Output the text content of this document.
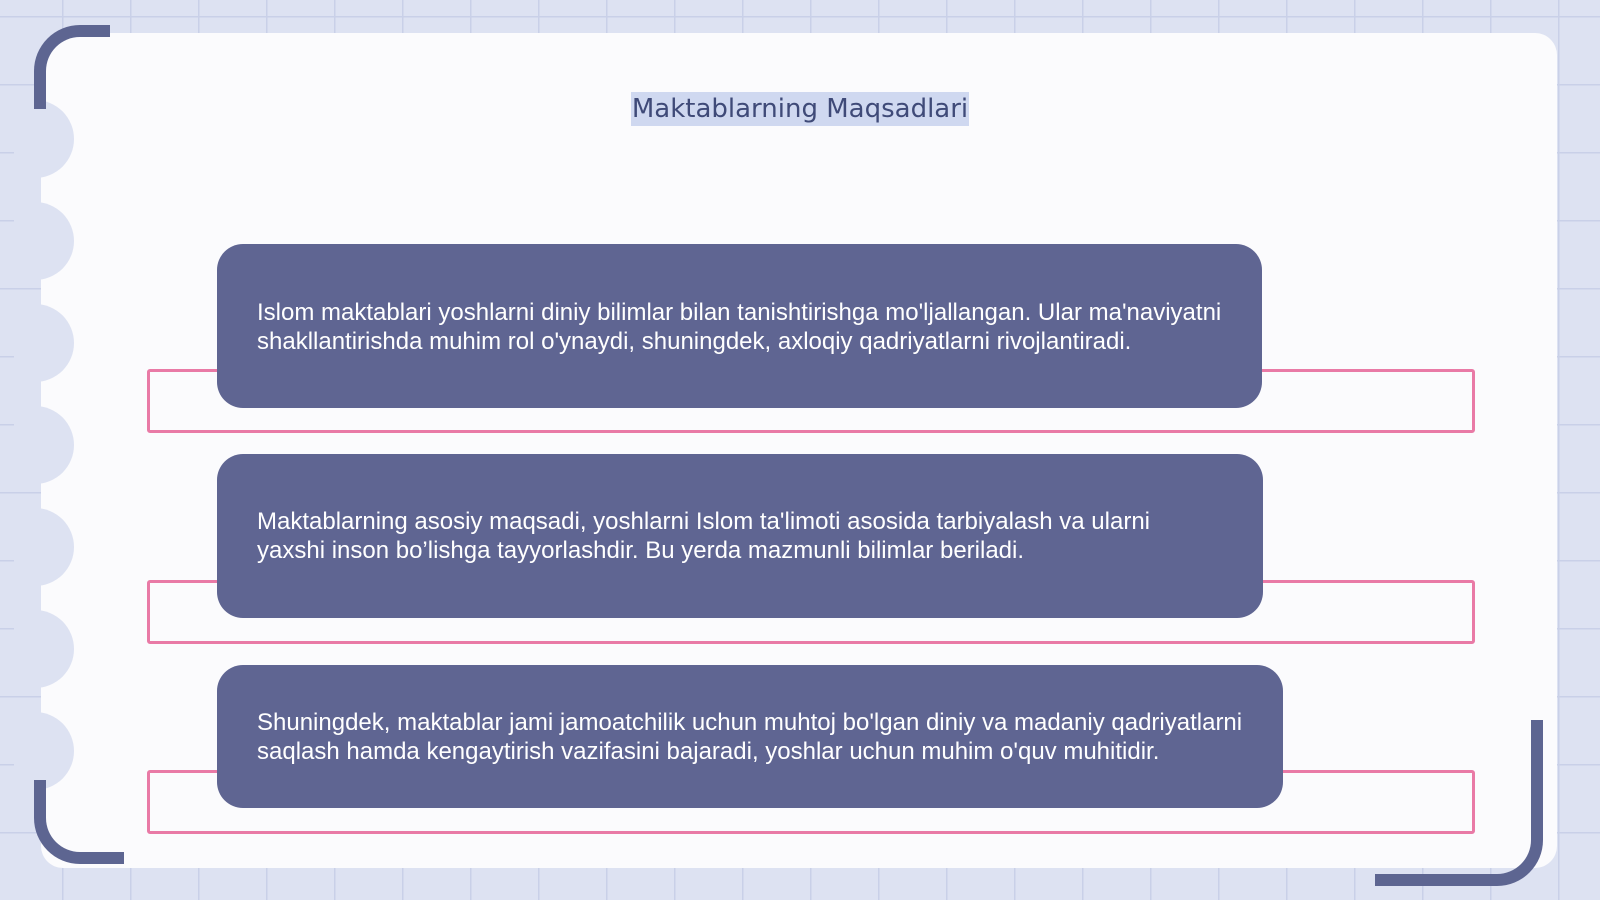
Maktablarning Maqsadlari
Islom maktablari yoshlarni diniy bilimlar bilan tanishtirishga mo'ljallangan. Ular ma'naviyatni shakllantirishda muhim rol o'ynaydi, shuningdek, axloqiy qadriyatlarni rivojlantiradi.
Maktablarning asosiy maqsadi, yoshlarni Islom ta'limoti asosida tarbiyalash va ularni yaxshi inson bo’lishga tayyorlashdir. Bu yerda mazmunli bilimlar beriladi.
Shuningdek, maktablar jami jamoatchilik uchun muhtoj bo'lgan diniy va madaniy qadriyatlarni saqlash hamda kengaytirish vazifasini bajaradi, yoshlar uchun muhim o'quv muhitidir.
